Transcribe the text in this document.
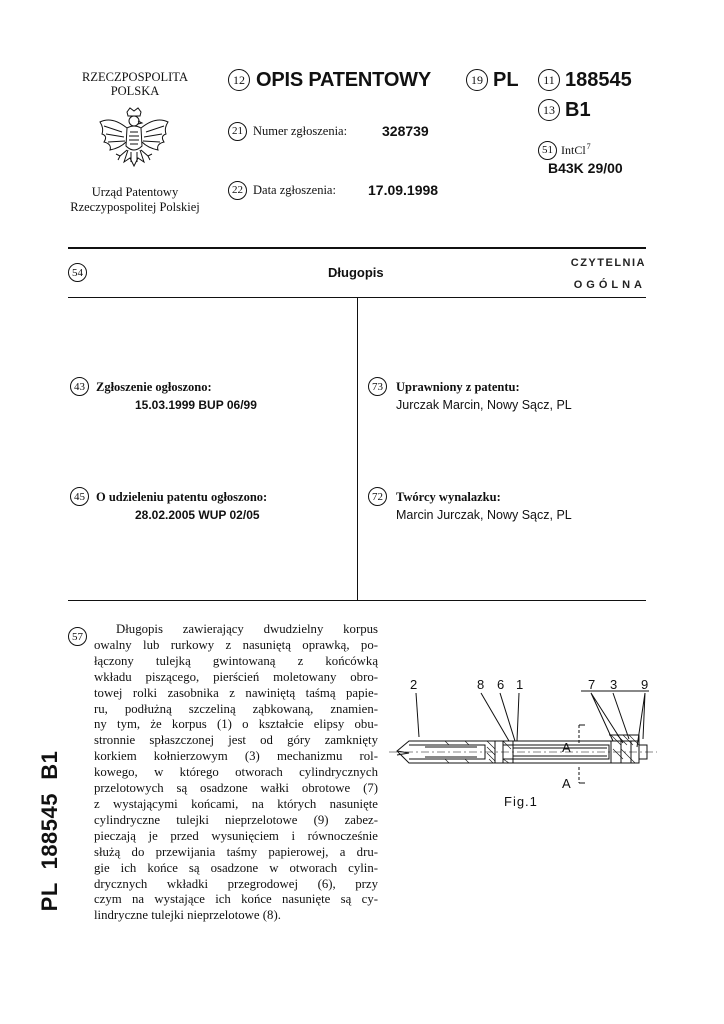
RZECZPOSPOLITA
POLSKA
Urząd Patentowy
Rzeczypospolitej Polskiej
12 OPIS PATENTOWY	19 PL	11 188545
13 B1
21 Numer zgłoszenia: 328739
51 IntCl$^7$
B43K 29/00
22 Data zgłoszenia: 17.09.1998
54	Długopis
CZYTELNIA
OGÓLNA
43 Zgłoszenie ogłoszono:
15.03.1999 BUP 06/99
45 O udzieleniu patentu ogłoszono:
28.02.2005 WUP 02/05
73	Uprawniony z patentu:
Jurczak Marcin, Nowy Sącz, PL
72	Twórcy wynalazku:
Marcin Jurczak, Nowy Sącz, PL
PL  188545  B1
57
Długopis zawierający dwudzielny korpus
owalny lub rurkowy z nasuniętą oprawką, po-
łączony tulejką gwintowaną z końcówką
wkładu piszącego, pierścień moletowany obro-
towej rolki zasobnika z nawiniętą taśmą papie-
ru, podłużną szczeliną ząbkowaną, znamien-
ny tym, że korpus (1) o kształcie elipsy obu-
stronnie spłaszczonej jest od góry zamknięty
korkiem kołnierzowym (3) mechanizmu rol-
kowego, w którego otworach cylindrycznych
przelotowych są osadzone wałki obrotowe (7)
z wystającymi końcami, na których nasunięte
cylindryczne tulejki nieprzelotowe (9) zabez-
pieczają je przed wysunięciem i równocześnie
służą do przewijania taśmy papierowej, a dru-
gie ich końce są osadzone w otworach cylin-
drycznych wkładki przegrodowej (6), przy
czym na wystające ich końce nasunięte są cy-
lindryczne tulejki nieprzelotowe (8).
2	8 6 1	7 3 9
A
A
Fig.1
